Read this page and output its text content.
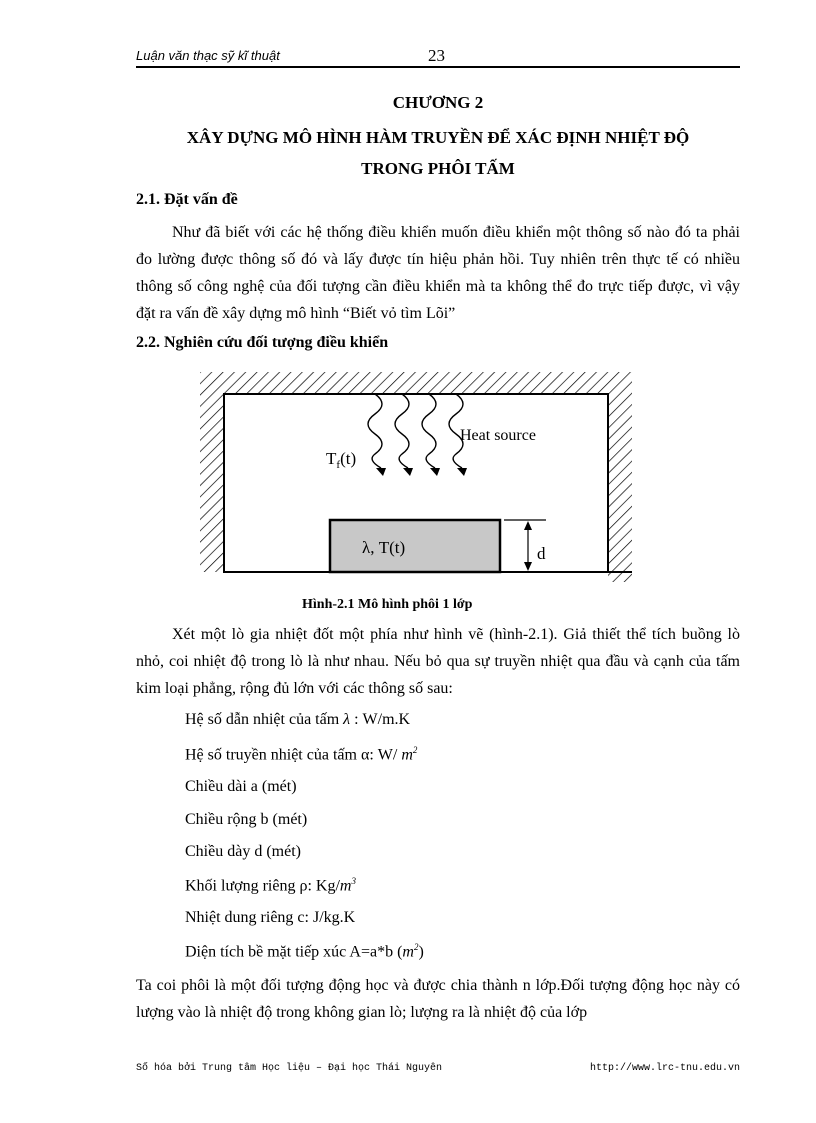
Luận văn thạc sỹ kĩ thuật	23
CHƯƠNG 2
XÂY DỰNG MÔ HÌNH HÀM TRUYỀN ĐỂ XÁC ĐỊNH NHIỆT ĐỘ
TRONG PHÔI TẤM
2.1. Đặt vấn đề

Như đã biết với các hệ thống điều khiển muốn điều khiển một thông số nào đó ta phải đo lường được thông số đó và lấy được tín hiệu phản hồi. Tuy nhiên trên thực tế có nhiều thông số công nghệ của đối tượng cần điều khiển mà ta không thể đo trực tiếp được, vì vậy đặt ra vấn đề xây dựng mô hình “Biết vỏ tìm Lõi”

2.2. Nghiên cứu đối tượng điều khiển
Heat source
$T_f(t)$
λ, T(t)	d
Hình-2.1 Mô hình phôi 1 lớp

Xét một lò gia nhiệt đốt một phía như hình vẽ (hình-2.1). Giả thiết thể tích buồng lò nhỏ, coi nhiệt độ trong lò là như nhau. Nếu bỏ qua sự truyền nhiệt qua đầu và cạnh của tấm kim loại phẳng, rộng đủ lớn với các thông số sau:

Hệ số dẫn nhiệt của tấm λ : W/m.K
Hệ số truyền nhiệt của tấm α: W/ $m^2$
Chiều dài a (mét)
Chiều rộng b (mét)
Chiều dày d (mét)
Khối lượng riêng ρ: $Kg/m^3$
Nhiệt dung riêng c: J/kg.K
Diện tích bề mặt tiếp xúc A=a*b $(m^2)$

Ta coi phôi là một đối tượng động học và được chia thành n lớp.Đối tượng động học này có lượng vào là nhiệt độ trong không gian lò; lượng ra là nhiệt độ của lớp

Số hóa bởi Trung tâm Học liệu – Đại học Thái Nguyên	http://www.lrc-tnu.edu.vn
